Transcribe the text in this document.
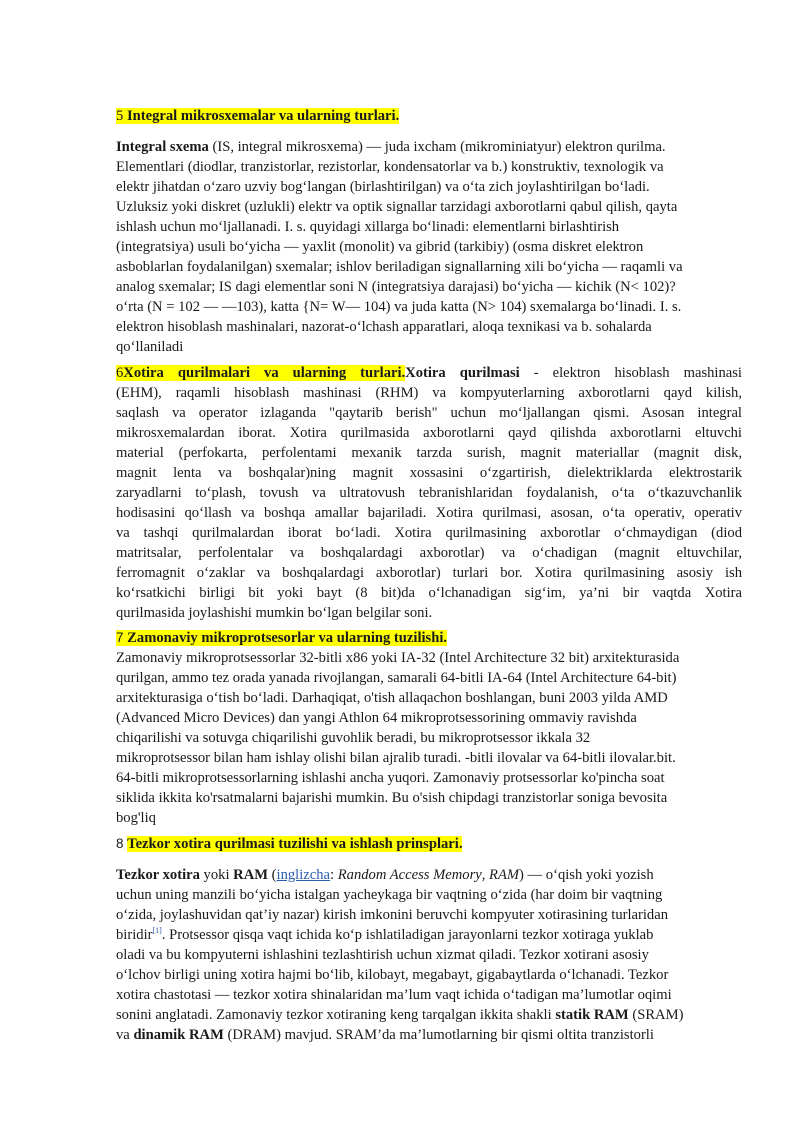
5 Integral mikrosxemalar va ularning turlari.

Integral sxema (IS, integral mikrosxema) — juda ixcham (mikrominiatyur) elektron qurilma.

Elementlari (diodlar, tranzistorlar, rezistorlar, kondensatorlar va b.) konstruktiv, texnologik va

elektr jihatdan o‘zaro uzviy bog‘langan (birlashtirilgan) va o‘ta zich joylashtirilgan bo‘ladi.

Uzluksiz yoki diskret (uzlukli) elektr va optik signallar tarzidagi axborotlarni qabul qilish, qayta

ishlash uchun mo‘ljallanadi. I. s. quyidagi xillarga bo‘linadi: elementlarni birlashtirish

(integratsiya) usuli bo‘yicha — yaxlit (monolit) va gibrid (tarkibiy) (osma diskret elektron

asboblarlan foydalanilgan) sxemalar; ishlov beriladigan signallarning xili bo‘yicha — raqamli va

analog sxemalar; IS dagi elementlar soni N (integratsiya darajasi) bo‘yicha — kichik (N< 102)?

o‘rta (N = 102 — —103), katta {N= W— 104) va juda katta (N> 104) sxemalarga bo‘linadi. I. s.

elektron hisoblash mashinalari, nazorat-o‘lchash apparatlari, aloqa texnikasi va b. sohalarda

qo‘llaniladi

6Xotira qurilmalari va ularning turlari.Xotira qurilmasi - elektron hisoblash mashinasi

(EHM), raqamli hisoblash mashinasi (RHM) va kompyuterlarning axborotlarni qayd kilish,

saqlash va operator izlaganda "qaytarib berish" uchun mo‘ljallangan qismi. Asosan integral

mikrosxemalardan iborat. Xotira qurilmasida axborotlarni qayd qilishda axborotlarni eltuvchi

material (perfokarta, perfolentami mexanik tarzda surish, magnit materiallar (magnit disk,

magnit lenta va boshqalar)ning magnit xossasini o‘zgartirish, dielektriklarda elektrostarik

zaryadlarni to‘plash, tovush va ultratovush tebranishlaridan foydalanish, o‘ta o‘tkazuvchanlik

hodisasini qo‘llash va boshqa amallar bajariladi. Xotira qurilmasi, asosan, o‘ta operativ, operativ

va tashqi qurilmalardan iborat bo‘ladi. Xotira qurilmasining axborotlar o‘chmaydigan (diod

matritsalar, perfolentalar va boshqalardagi axborotlar) va o‘chadigan (magnit eltuvchilar,

ferromagnit o‘zaklar va boshqalardagi axborotlar) turlari bor. Xotira qurilmasining asosiy ish

ko‘rsatkichi birligi bit yoki bayt (8 bit)da o‘lchanadigan sig‘im, ya’ni bir vaqtda Xotira

qurilmasida joylashishi mumkin bo‘lgan belgilar soni.

7 Zamonaviy mikroprotsesorlar va ularning tuzilishi.

Zamonaviy mikroprotsessorlar 32-bitli x86 yoki IA-32 (Intel Architecture 32 bit) arxitekturasida

qurilgan, ammo tez orada yanada rivojlangan, samarali 64-bitli IA-64 (Intel Architecture 64-bit)

arxitekturasiga o‘tish bo‘ladi. Darhaqiqat, o'tish allaqachon boshlangan, buni 2003 yilda AMD

(Advanced Micro Devices) dan yangi Athlon 64 mikroprotsessorining ommaviy ravishda

chiqarilishi va sotuvga chiqarilishi guvohlik beradi, bu mikroprotsessor ikkala 32

mikroprotsessor bilan ham ishlay olishi bilan ajralib turadi. -bitli ilovalar va 64-bitli ilovalar.bit.

64-bitli mikroprotsessorlarning ishlashi ancha yuqori. Zamonaviy protsessorlar ko'pincha soat

siklida ikkita ko'rsatmalarni bajarishi mumkin. Bu o'sish chipdagi tranzistorlar soniga bevosita

bog'liq

8 Tezkor xotira qurilmasi tuzilishi va ishlash prinsplari.

Tezkor xotira yoki RAM (inglizcha: Random Access Memory, RAM) — o‘qish yoki yozish

uchun uning manzili bo‘yicha istalgan yacheykaga bir vaqtning o‘zida (har doim bir vaqtning

o‘zida, joylashuvidan qat’iy nazar) kirish imkonini beruvchi kompyuter xotirasining turlaridan

biridir[1]. Protsessor qisqa vaqt ichida ko‘p ishlatiladigan jarayonlarni tezkor xotiraga yuklab

oladi va bu kompyuterni ishlashini tezlashtirish uchun xizmat qiladi. Tezkor xotirani asosiy

o‘lchov birligi uning xotira hajmi bo‘lib, kilobayt, megabayt, gigabaytlarda o‘lchanadi. Tezkor

xotira chastotasi — tezkor xotira shinalaridan ma’lum vaqt ichida o‘tadigan ma’lumotlar oqimi

sonini anglatadi. Zamonaviy tezkor xotiraning keng tarqalgan ikkita shakli statik RAM (SRAM)

va dinamik RAM (DRAM) mavjud. SRAM’da ma’lumotlarning bir qismi oltita tranzistorli
